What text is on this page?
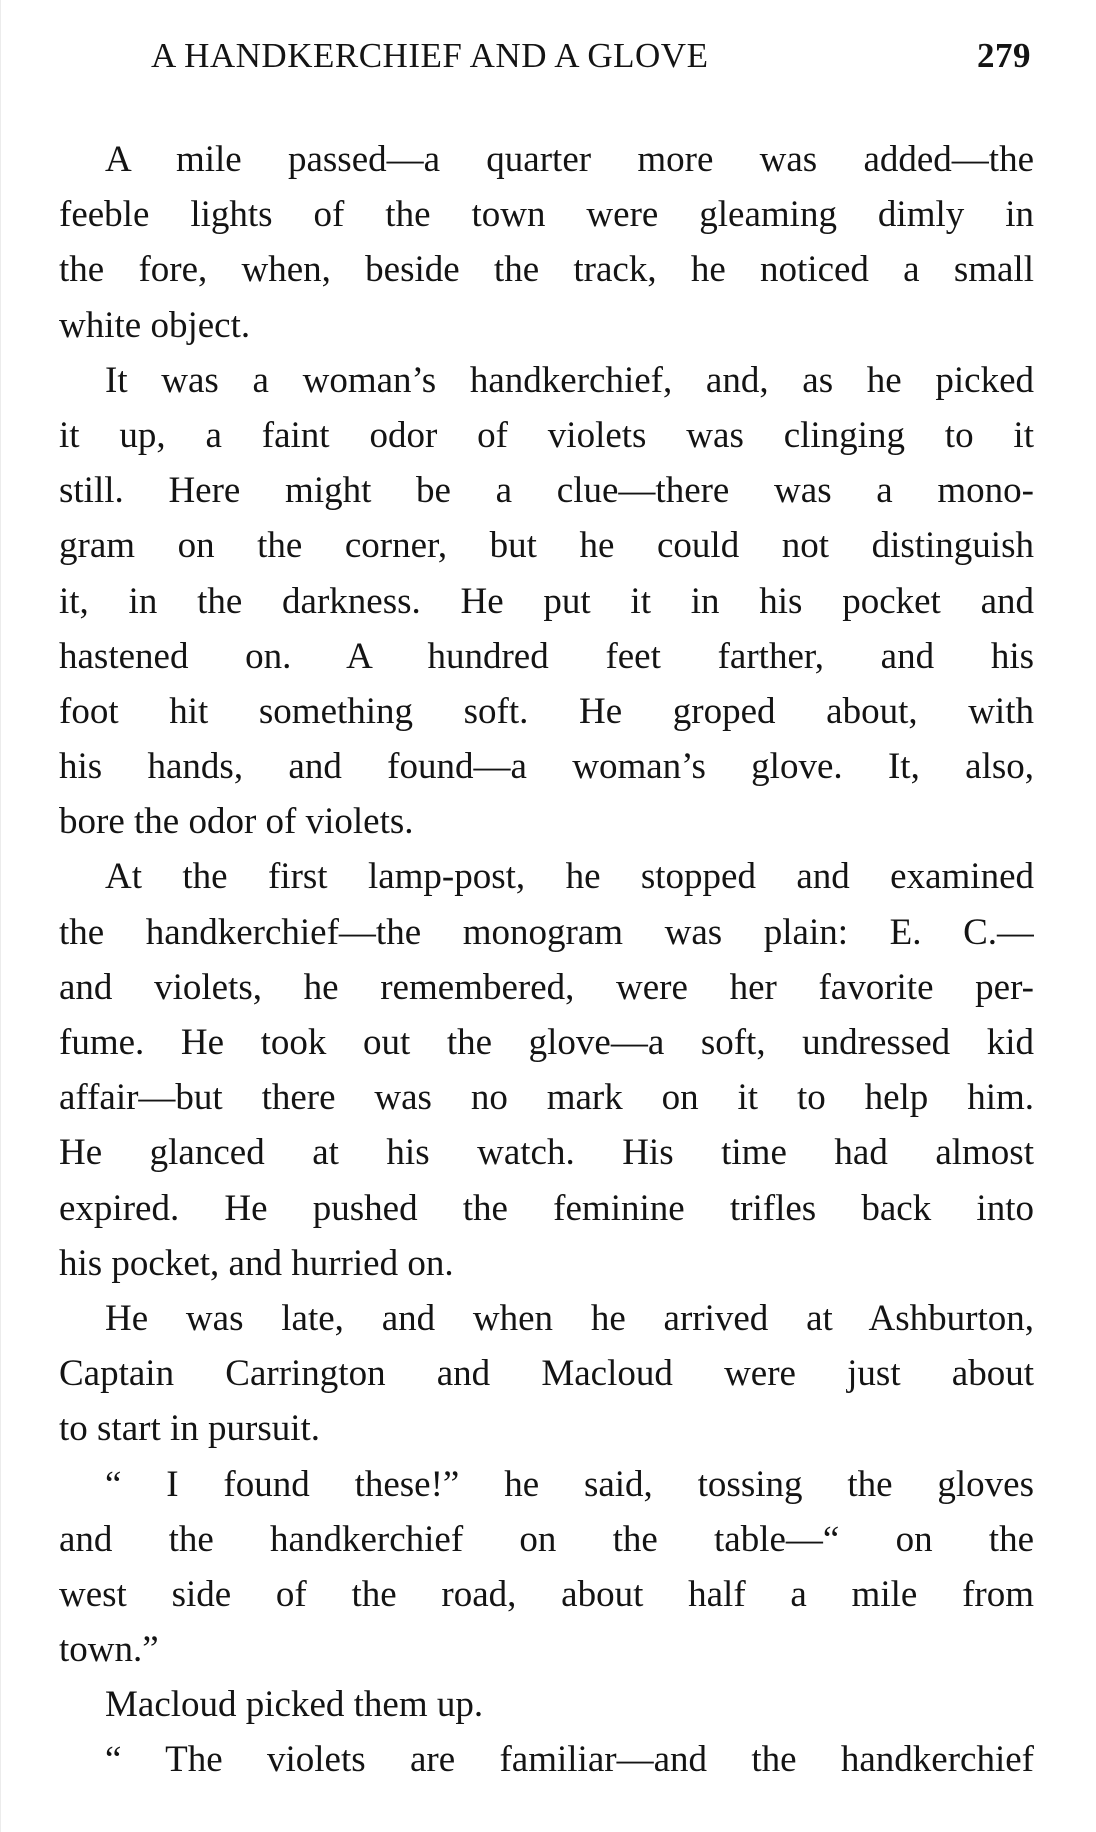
A HANDKERCHIEF AND A GLOVE	279
A mile passed—a quarter more was added—the
feeble lights of the town were gleaming dimly in
the fore, when, beside the track, he noticed a small
white object.
It was a woman’s handkerchief, and, as he picked
it up, a faint odor of violets was clinging to it
still. Here might be a clue—there was a mono-
gram on the corner, but he could not distinguish
it, in the darkness. He put it in his pocket and
hastened on. A hundred feet farther, and his
foot hit something soft. He groped about, with
his hands, and found—a woman’s glove. It, also,
bore the odor of violets.
At the first lamp-post, he stopped and examined
the handkerchief—the monogram was plain: E. C.—
and violets, he remembered, were her favorite per-
fume. He took out the glove—a soft, undressed kid
affair—but there was no mark on it to help him.
He glanced at his watch. His time had almost
expired. He pushed the feminine trifles back into
his pocket, and hurried on.
He was late, and when he arrived at Ashburton,
Captain Carrington and Macloud were just about
to start in pursuit.
“ I found these!” he said, tossing the gloves
and the handkerchief on the table—“ on the
west side of the road, about half a mile from
town.”
Macloud picked them up.
“ The violets are familiar—and the handkerchief
